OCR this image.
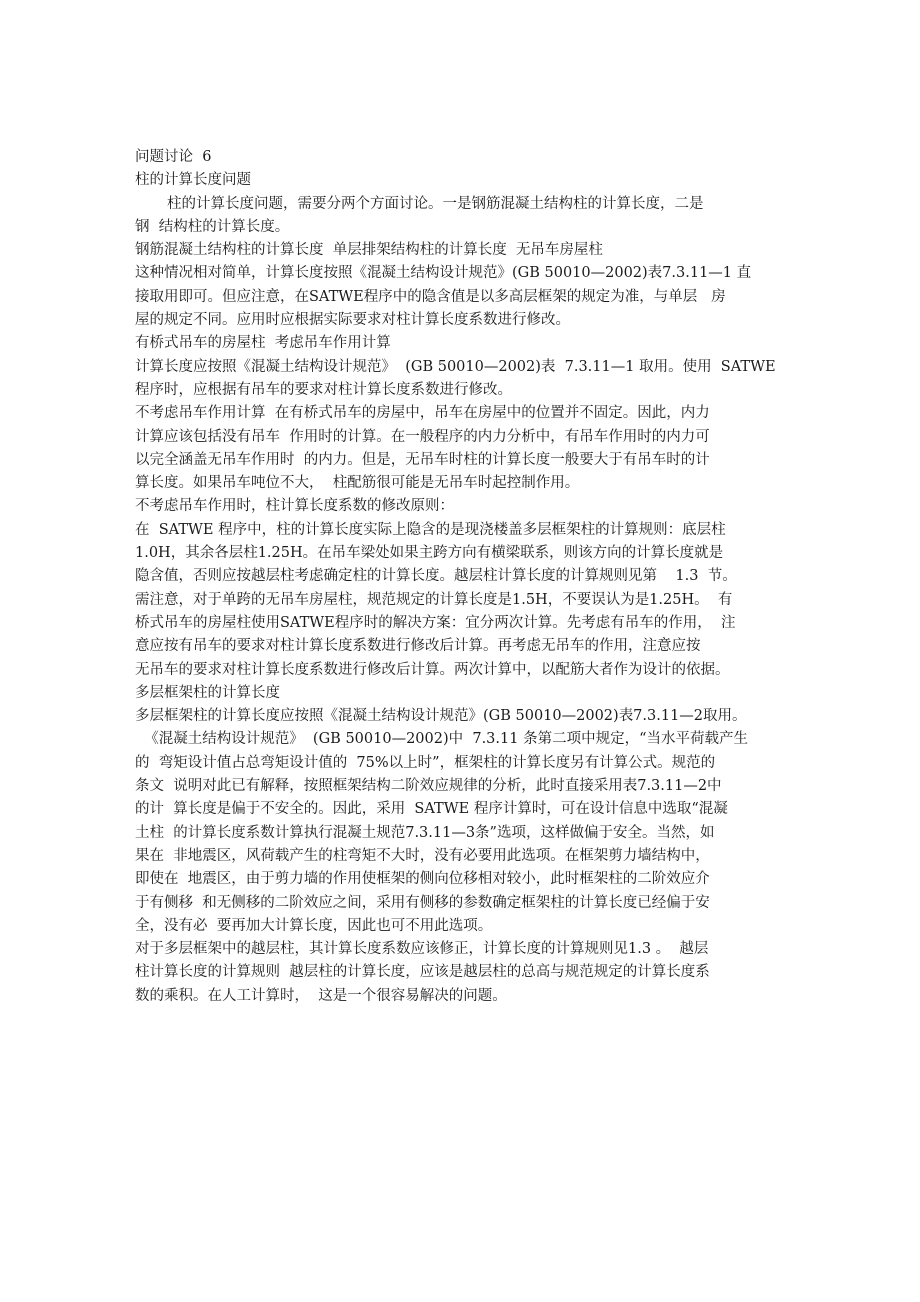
问题讨论  6
柱的计算长度问题
柱的计算长度问题，需要分两个方面讨论。一是钢筋混凝土结构柱的计算长度，二是
钢  结构柱的计算长度。
钢筋混凝土结构柱的计算长度  单层排架结构柱的计算长度  无吊车房屋柱
这种情况相对简单，计算长度按照《混凝土结构设计规范》(GB 50010—2002)表7.3.11—1 直
接取用即可。但应注意，在SATWE程序中的隐含值是以多高层框架的规定为准，与单层   房
屋的规定不同。应用时应根据实际要求对柱计算长度系数进行修改。
有桥式吊车的房屋柱  考虑吊车作用计算
计算长度应按照《混凝土结构设计规范》  (GB 50010—2002)表  7.3.11—1 取用。使用  SATWE
程序时，应根据有吊车的要求对柱计算长度系数进行修改。
不考虑吊车作用计算  在有桥式吊车的房屋中，吊车在房屋中的位置并不固定。因此，内力
计算应该包括没有吊车  作用时的计算。在一般程序的内力分析中，有吊车作用时的内力可
以完全涵盖无吊车作用时  的内力。但是，无吊车时柱的计算长度一般要大于有吊车时的计
算长度。如果吊车吨位不大，  柱配筋很可能是无吊车时起控制作用。
不考虑吊车作用时，柱计算长度系数的修改原则：
在  SATWE 程序中，柱的计算长度实际上隐含的是现浇楼盖多层框架柱的计算规则：底层柱
1.0H，其余各层柱1.25H。在吊车梁处如果主跨方向有横梁联系，则该方向的计算长度就是
隐含值，否则应按越层柱考虑确定柱的计算长度。越层柱计算长度的计算规则见第    1.3  节。
需注意，对于单跨的无吊车房屋柱，规范规定的计算长度是1.5H，不要误认为是1.25H。  有
桥式吊车的房屋柱使用SATWE程序时的解决方案：宜分两次计算。先考虑有吊车的作用，  注
意应按有吊车的要求对柱计算长度系数进行修改后计算。再考虑无吊车的作用，注意应按
无吊车的要求对柱计算长度系数进行修改后计算。两次计算中，以配筋大者作为设计的依据。
多层框架柱的计算长度
多层框架柱的计算长度应按照《混凝土结构设计规范》(GB 50010—2002)表7.3.11—2取用。
《混凝土结构设计规范》  (GB 50010—2002)中  7.3.11 条第二项中规定，“当水平荷载产生
的  弯矩设计值占总弯矩设计值的  75%以上时”，框架柱的计算长度另有计算公式。规范的
条文  说明对此已有解释，按照框架结构二阶效应规律的分析，此时直接采用表7.3.11—2中
的计  算长度是偏于不安全的。因此，采用  SATWE 程序计算时，可在设计信息中选取“混凝
土柱  的计算长度系数计算执行混凝土规范7.3.11—3条”选项，这样做偏于安全。当然，如
果在  非地震区，风荷载产生的柱弯矩不大时，没有必要用此选项。在框架剪力墙结构中，
即使在  地震区，由于剪力墙的作用使框架的侧向位移相对较小，此时框架柱的二阶效应介
于有侧移  和无侧移的二阶效应之间，采用有侧移的参数确定框架柱的计算长度已经偏于安
全，没有必  要再加大计算长度，因此也可不用此选项。
对于多层框架中的越层柱，其计算长度系数应该修正，计算长度的计算规则见1.3 。  越层
柱计算长度的计算规则  越层柱的计算长度，应该是越层柱的总高与规范规定的计算长度系
数的乘积。在人工计算时，  这是一个很容易解决的问题。
